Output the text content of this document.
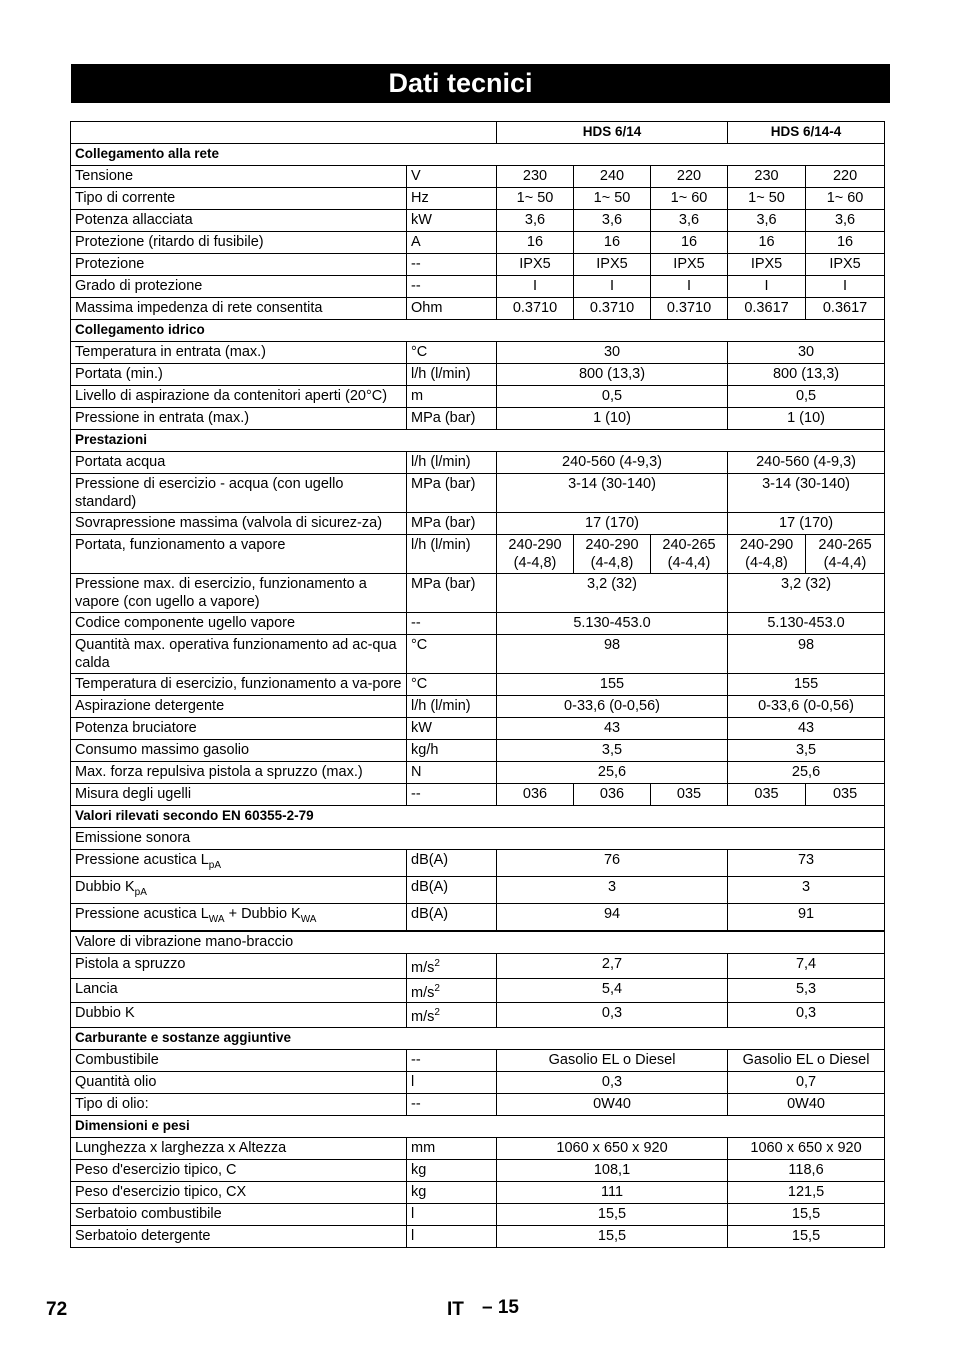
Dati tecnici
		HDS 6/14			HDS 6/14-4	
Collegamento alla rete						
Tensione	V	230	240	220	230	220
Tipo di corrente	Hz	1~ 50	1~ 50	1~ 60	1~ 50	1~ 60
Potenza allacciata	kW	3,6	3,6	3,6	3,6	3,6
Protezione (ritardo di fusibile)	A	16	16	16	16	16
Protezione	--	IPX5	IPX5	IPX5	IPX5	IPX5
Grado di protezione	--	I	I	I	I	I
Massima impedenza di rete consentita	Ohm	0.3710	0.3710	0.3710	0.3617	0.3617
Collegamento idrico						
Temperatura in entrata (max.)	°C	30			30	
Portata (min.)	l/h (l/min)	800 (13,3)			800 (13,3)	
Livello di aspirazione da contenitori aperti (20°C)	m	0,5			0,5	
Pressione in entrata (max.)	MPa (bar)	1 (10)			1 (10)	
Prestazioni						
Portata acqua	l/h (l/min)	240-560 (4-9,3)			240-560 (4-9,3)	
Pressione di esercizio - acqua (con ugello standard)	MPa (bar)	3-14 (30-140)			3-14 (30-140)	
Sovrapressione massima (valvola di sicurez-za)	MPa (bar)	17 (170)			17 (170)	
Portata, funzionamento a vapore	l/h (l/min)	240-290 (4-4,8)	240-290 (4-4,8)	240-265 (4-4,4)	240-290 (4-4,8)	240-265 (4-4,4)
Pressione max. di esercizio, funzionamento a vapore (con ugello a vapore)	MPa (bar)	3,2 (32)			3,2 (32)	
Codice componente ugello vapore	--	5.130-453.0			5.130-453.0	
Quantità max. operativa funzionamento ad ac-qua calda	°C	98			98	
Temperatura di esercizio, funzionamento a va-pore	°C	155			155	
Aspirazione detergente	l/h (l/min)	0-33,6 (0-0,56)			0-33,6 (0-0,56)	
Potenza bruciatore	kW	43			43	
Consumo massimo gasolio	kg/h	3,5			3,5	
Max. forza repulsiva pistola a spruzzo (max.)	N	25,6			25,6	
Misura degli ugelli	--	036	036	035	035	035
Valori rilevati secondo EN 60355-2-79						
Emissione sonora						
Pressione acustica $L_{pA}$	dB(A)	76			73	
Dubbio $K_{pA}$	dB(A)	3			3	
Pressione acustica $L_{WA}$ + Dubbio $K_{WA}$	dB(A)	94			91	
Valore di vibrazione mano-braccio						
Pistola a spruzzo	$m/s^2$	2,7			7,4	
Lancia	$m/s^2$	5,4			5,3	
Dubbio K	$m/s^2$	0,3			0,3	
Carburante e sostanze aggiuntive						
Combustibile	--	Gasolio EL o Diesel			Gasolio EL o Diesel	
Quantità olio	l	0,3			0,7	
Tipo di olio:	--	0W40			0W40	
Dimensioni e pesi						
Lunghezza x larghezza x Altezza	mm	1060 x 650 x 920			1060 x 650 x 920	
Peso d'esercizio tipico, C	kg	108,1			118,6	
Peso d'esercizio tipico, CX	kg	111			121,5	
Serbatoio combustibile	l	15,5			15,5	
Serbatoio detergente	l	15,5			15,5	
72	IT – 15
